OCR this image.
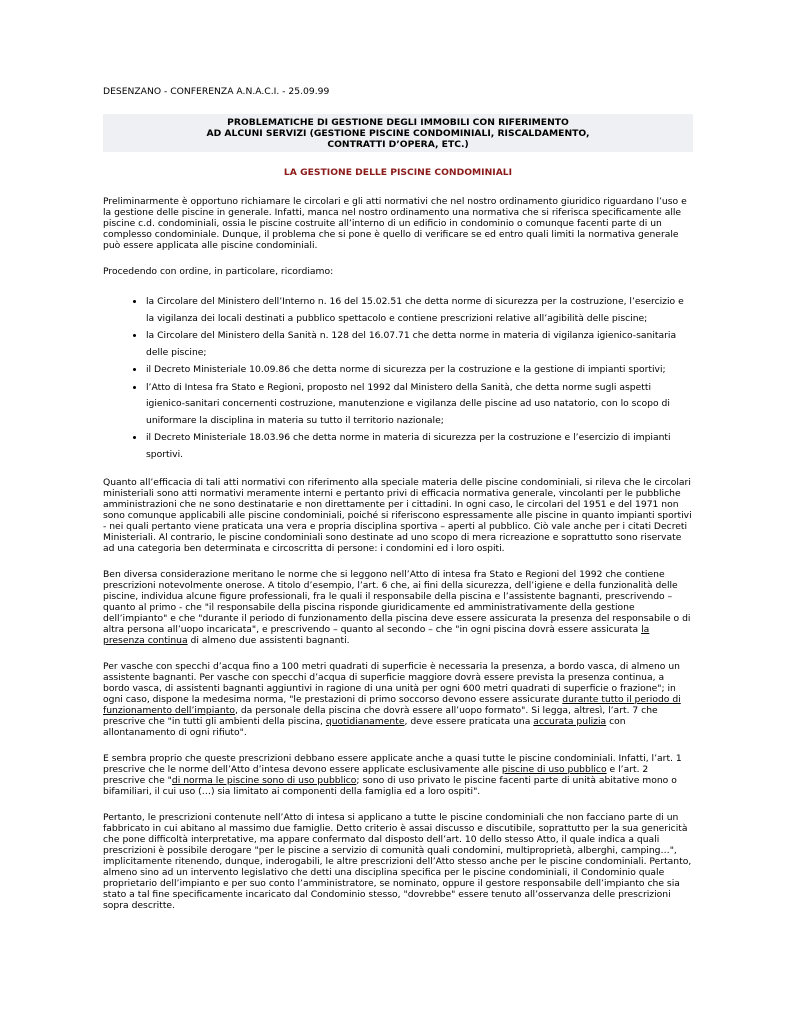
DESENZANO - CONFERENZA A.N.A.C.I. - 25.09.99
PROBLEMATICHE DI GESTIONE DEGLI IMMOBILI CON RIFERIMENTO
AD ALCUNI SERVIZI (GESTIONE PISCINE CONDOMINIALI, RISCALDAMENTO,
CONTRATTI D’OPERA, ETC.)
LA GESTIONE DELLE PISCINE CONDOMINIALI

Preliminarmente è opportuno richiamare le circolari e gli atti normativi che nel nostro ordinamento giuridico riguardano l’uso e la gestione delle piscine in generale. Infatti, manca nel nostro ordinamento una normativa che si riferisca specificamente alle piscine c.d. condominiali, ossia le piscine costruite all’interno di un edificio in condominio o comunque facenti parte di un complesso condominiale. Dunque, il problema che si pone è quello di verificare se ed entro quali limiti la normativa generale può essere applicata alle piscine condominiali.

Procedendo con ordine, in particolare, ricordiamo:

• la Circolare del Ministero dell’Interno n. 16 del 15.02.51 che detta norme di sicurezza per la costruzione, l’esercizio e la vigilanza dei locali destinati a pubblico spettacolo e contiene prescrizioni relative all’agibilità delle piscine;
• la Circolare del Ministero della Sanità n. 128 del 16.07.71 che detta norme in materia di vigilanza igienico-sanitaria delle piscine;
• il Decreto Ministeriale 10.09.86 che detta norme di sicurezza per la costruzione e la gestione di impianti sportivi;
• l’Atto di Intesa fra Stato e Regioni, proposto nel 1992 dal Ministero della Sanità, che detta norme sugli aspetti igienico-sanitari concernenti costruzione, manutenzione e vigilanza delle piscine ad uso natatorio, con lo scopo di uniformare la disciplina in materia su tutto il territorio nazionale;
• il Decreto Ministeriale 18.03.96 che detta norme in materia di sicurezza per la costruzione e l’esercizio di impianti sportivi.

Quanto all’efficacia di tali atti normativi con riferimento alla speciale materia delle piscine condominiali, si rileva che le circolari ministeriali sono atti normativi meramente interni e pertanto privi di efficacia normativa generale, vincolanti per le pubbliche amministrazioni che ne sono destinatarie e non direttamente per i cittadini. In ogni caso, le circolari del 1951 e del 1971 non sono comunque applicabili alle piscine condominiali, poiché si riferiscono espressamente alle piscine in quanto impianti sportivi - nei quali pertanto viene praticata una vera e propria disciplina sportiva – aperti al pubblico. Ciò vale anche per i citati Decreti Ministeriali. Al contrario, le piscine condominiali sono destinate ad uno scopo di mera ricreazione e soprattutto sono riservate ad una categoria ben determinata e circoscritta di persone: i condomini ed i loro ospiti.

Ben diversa considerazione meritano le norme che si leggono nell’Atto di intesa fra Stato e Regioni del 1992 che contiene prescrizioni notevolmente onerose. A titolo d’esempio, l’art. 6 che, ai fini della sicurezza, dell’igiene e della funzionalità delle piscine, individua alcune figure professionali, fra le quali il responsabile della piscina e l’assistente bagnanti, prescrivendo – quanto al primo - che "il responsabile della piscina risponde giuridicamente ed amministrativamente della gestione dell’impianto" e che "durante il periodo di funzionamento della piscina deve essere assicurata la presenza del responsabile o di altra persona all’uopo incaricata", e prescrivendo – quanto al secondo – che "in ogni piscina dovrà essere assicurata la presenza continua di almeno due assistenti bagnanti.

Per vasche con specchi d’acqua fino a 100 metri quadrati di superficie è necessaria la presenza, a bordo vasca, di almeno un assistente bagnanti. Per vasche con specchi d’acqua di superficie maggiore dovrà essere prevista la presenza continua, a bordo vasca, di assistenti bagnanti aggiuntivi in ragione di una unità per ogni 600 metri quadrati di superficie o frazione"; in ogni caso, dispone la medesima norma, "le prestazioni di primo soccorso devono essere assicurate durante tutto il periodo di funzionamento dell’impianto, da personale della piscina che dovrà essere all’uopo formato". Si legga, altresì, l’art. 7 che prescrive che "in tutti gli ambienti della piscina, quotidianamente, deve essere praticata una accurata pulizia con allontanamento di ogni rifiuto".

E sembra proprio che queste prescrizioni debbano essere applicate anche a quasi tutte le piscine condominiali. Infatti, l’art. 1 prescrive che le norme dell’Atto d’intesa devono essere applicate esclusivamente alle piscine di uso pubblico e l’art. 2 prescrive che "di norma le piscine sono di uso pubblico; sono di uso privato le piscine facenti parte di unità abitative mono o bifamiliari, il cui uso (…) sia limitato ai componenti della famiglia ed a loro ospiti".

Pertanto, le prescrizioni contenute nell’Atto di intesa si applicano a tutte le piscine condominiali che non facciano parte di un fabbricato in cui abitano al massimo due famiglie. Detto criterio è assai discusso e discutibile, soprattutto per la sua genericità che pone difficoltà interpretative, ma appare confermato dal disposto dell’art. 10 dello stesso Atto, il quale indica a quali prescrizioni è possibile derogare "per le piscine a servizio di comunità quali condomini, multiproprietà, alberghi, camping…", implicitamente ritenendo, dunque, inderogabili, le altre prescrizioni dell’Atto stesso anche per le piscine condominiali. Pertanto, almeno sino ad un intervento legislativo che detti una disciplina specifica per le piscine condominiali, il Condominio quale proprietario dell’impianto e per suo conto l’amministratore, se nominato, oppure il gestore responsabile dell’impianto che sia stato a tal fine specificamente incaricato dal Condominio stesso, "dovrebbe" essere tenuto all’osservanza delle prescrizioni sopra descritte.
